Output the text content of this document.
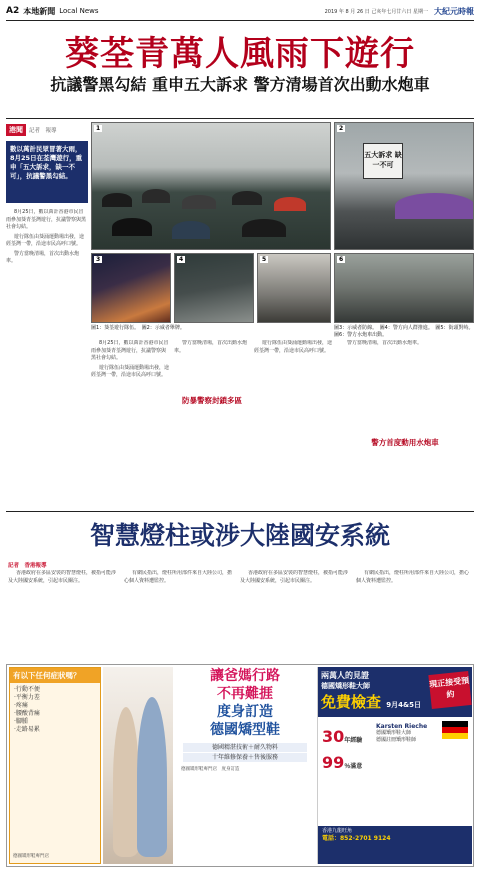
A2 本地新聞 Local News	2019 年 8 月 26 日 己亥年七月廿六日 星期一 大紀元時報
葵荃青萬人風雨下遊行
抗議警黑勾結 重申五大訴求 警方清場首次出動水炮車
港聞	記者　報導
數以萬計民眾冒著大雨，8月25日在荃灣遊行，重申「五大訴求，缺一不可」，抗議警黑勾結。

8月25日，數以萬計香港市民冒雨參加葵青荃灣遊行，抗議警察與黑社會勾結。

遊行隊伍由葵涌運動場出發，途經荃灣一帶，沿途市民高呼口號。

警方當晚清場，首次出動水炮車。

1
五大訴求 缺一不可
2
3	4	5	6
圖1：葵荃遊行隊伍。　圖2：示威者舉牌。	圖3：示威者防線。　圖4：警方向人群推進。　圖5：街頭對峙。　圖6：警方水炮車出動。

8月25日，數以萬計香港市民冒雨參加葵青荃灣遊行，抗議警察與黑社會勾結。

遊行隊伍由葵涌運動場出發，途經荃灣一帶，沿途市民高呼口號。

警方當晚清場，首次出動水炮車。

防暴警察封鎖多區

遊行隊伍由葵涌運動場出發，途經荃灣一帶，沿途市民高呼口號。

警方當晚清場，首次出動水炮車。

警方首度動用水炮車
智慧燈柱或涉大陸國安系統
記者　香港報導

香港政府在多區安裝的智慧燈柱，被指可能涉及大陸國安系統，引起市民關注。

有網民指出，燈柱所用部件來自大陸公司，擔心個人資料遭監控。

香港政府在多區安裝的智慧燈柱，被指可能涉及大陸國安系統，引起市民關注。

有網民指出，燈柱所用部件來自大陸公司，擔心個人資料遭監控。

有以下任何症狀嗎？
·行動不便
·平衡力差
·疼痛
·腰酸背痛
·腳腫
·走路易累
德國矯形鞋專門店
讓爸媽行路
不再難捱
度身訂造
德國矯型鞋
德國精湛技術＋耐久物料
十年維修保養＋售後服務
德國矯形鞋專門店　度身訂造
兩萬人的見證
德國矯形鞋大師
免費檢查 9月4&5日
現正接受預約
30年經驗
99％滿意
Karsten Rieche
德國矯形鞋大師
德國註冊矯形鞋師
香港九龍旺角
電話：852-2701 9124
